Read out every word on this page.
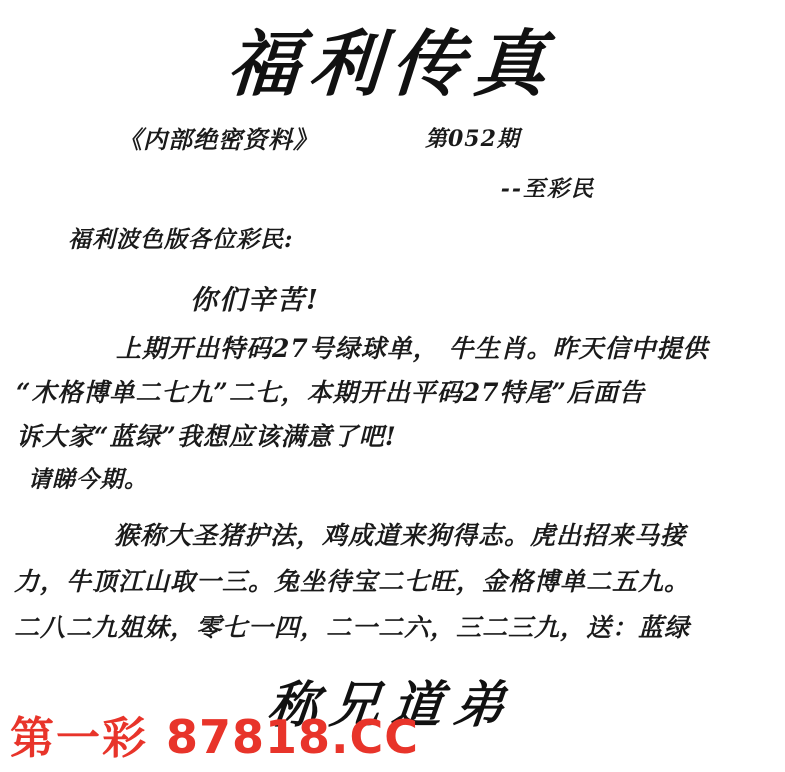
福利传真
《内部绝密资料》	第052期
--至彩民
福利波色版各位彩民:
你们辛苦!
上期开出特码27号绿球单， 牛生肖。昨天信中提供
“木格博单二七九”二七，本期开出平码27特尾”后面告
诉大家“蓝绿”我想应该满意了吧!
请睇今期。
猴称大圣猪护法，鸡成道来狗得志。虎出招来马接
力，牛顶江山取一三。兔坐待宝二七旺，金格博单二五九。
二八二九姐妹，零七一四，二一二六，三二三九，送：蓝绿
称兄道弟
第一彩 87818.CC
